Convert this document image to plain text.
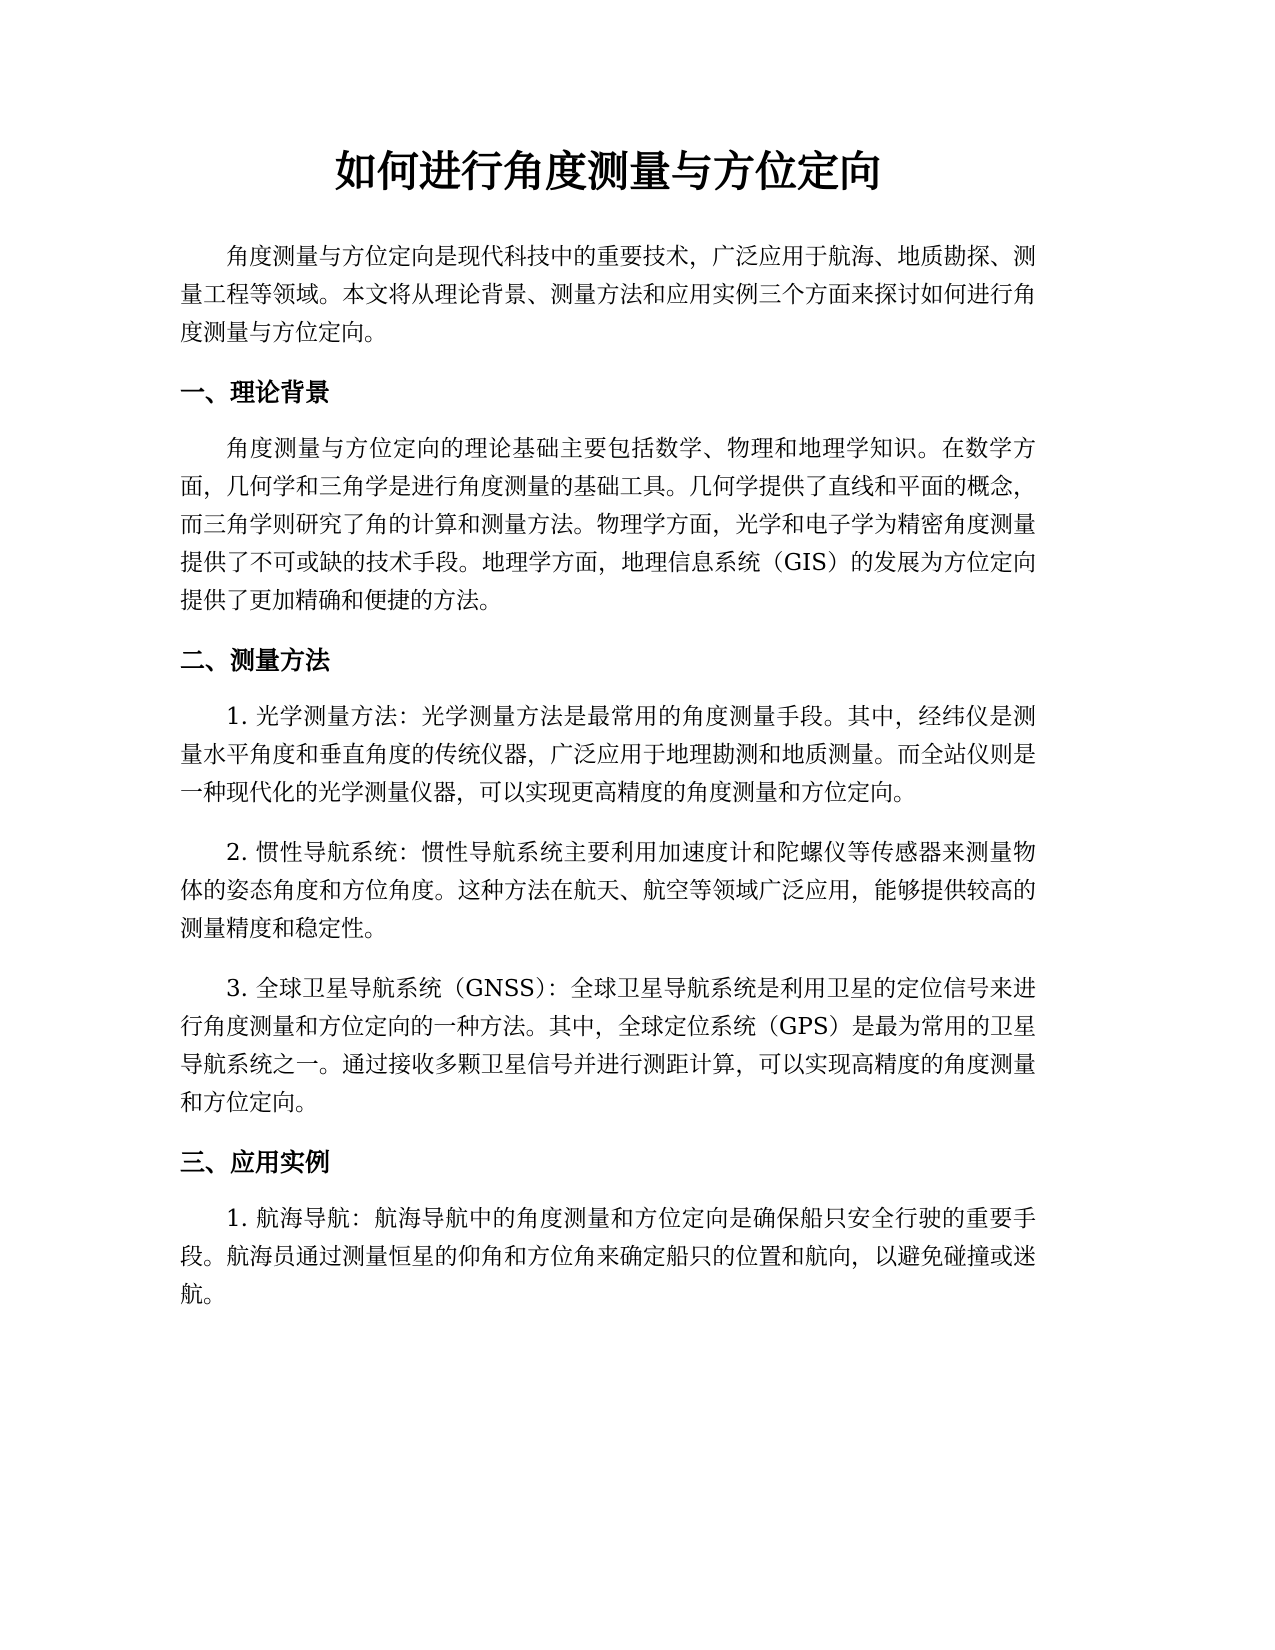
如何进行角度测量与方位定向

角度测量与方位定向是现代科技中的重要技术，广泛应用于航海、地质勘探、测量工程等领域。本文将从理论背景、测量方法和应用实例三个方面来探讨如何进行角度测量与方位定向。

一、理论背景

角度测量与方位定向的理论基础主要包括数学、物理和地理学知识。在数学方面，几何学和三角学是进行角度测量的基础工具。几何学提供了直线和平面的概念，而三角学则研究了角的计算和测量方法。物理学方面，光学和电子学为精密角度测量提供了不可或缺的技术手段。地理学方面，地理信息系统（GIS）的发展为方位定向提供了更加精确和便捷的方法。

二、测量方法

1. 光学测量方法：光学测量方法是最常用的角度测量手段。其中，经纬仪是测量水平角度和垂直角度的传统仪器，广泛应用于地理勘测和地质测量。而全站仪则是一种现代化的光学测量仪器，可以实现更高精度的角度测量和方位定向。

2. 惯性导航系统：惯性导航系统主要利用加速度计和陀螺仪等传感器来测量物体的姿态角度和方位角度。这种方法在航天、航空等领域广泛应用，能够提供较高的测量精度和稳定性。

3. 全球卫星导航系统（GNSS）：全球卫星导航系统是利用卫星的定位信号来进行角度测量和方位定向的一种方法。其中，全球定位系统（GPS）是最为常用的卫星导航系统之一。通过接收多颗卫星信号并进行测距计算，可以实现高精度的角度测量和方位定向。

三、应用实例

1. 航海导航：航海导航中的角度测量和方位定向是确保船只安全行驶的重要手段。航海员通过测量恒星的仰角和方位角来确定船只的位置和航向，以避免碰撞或迷航。
